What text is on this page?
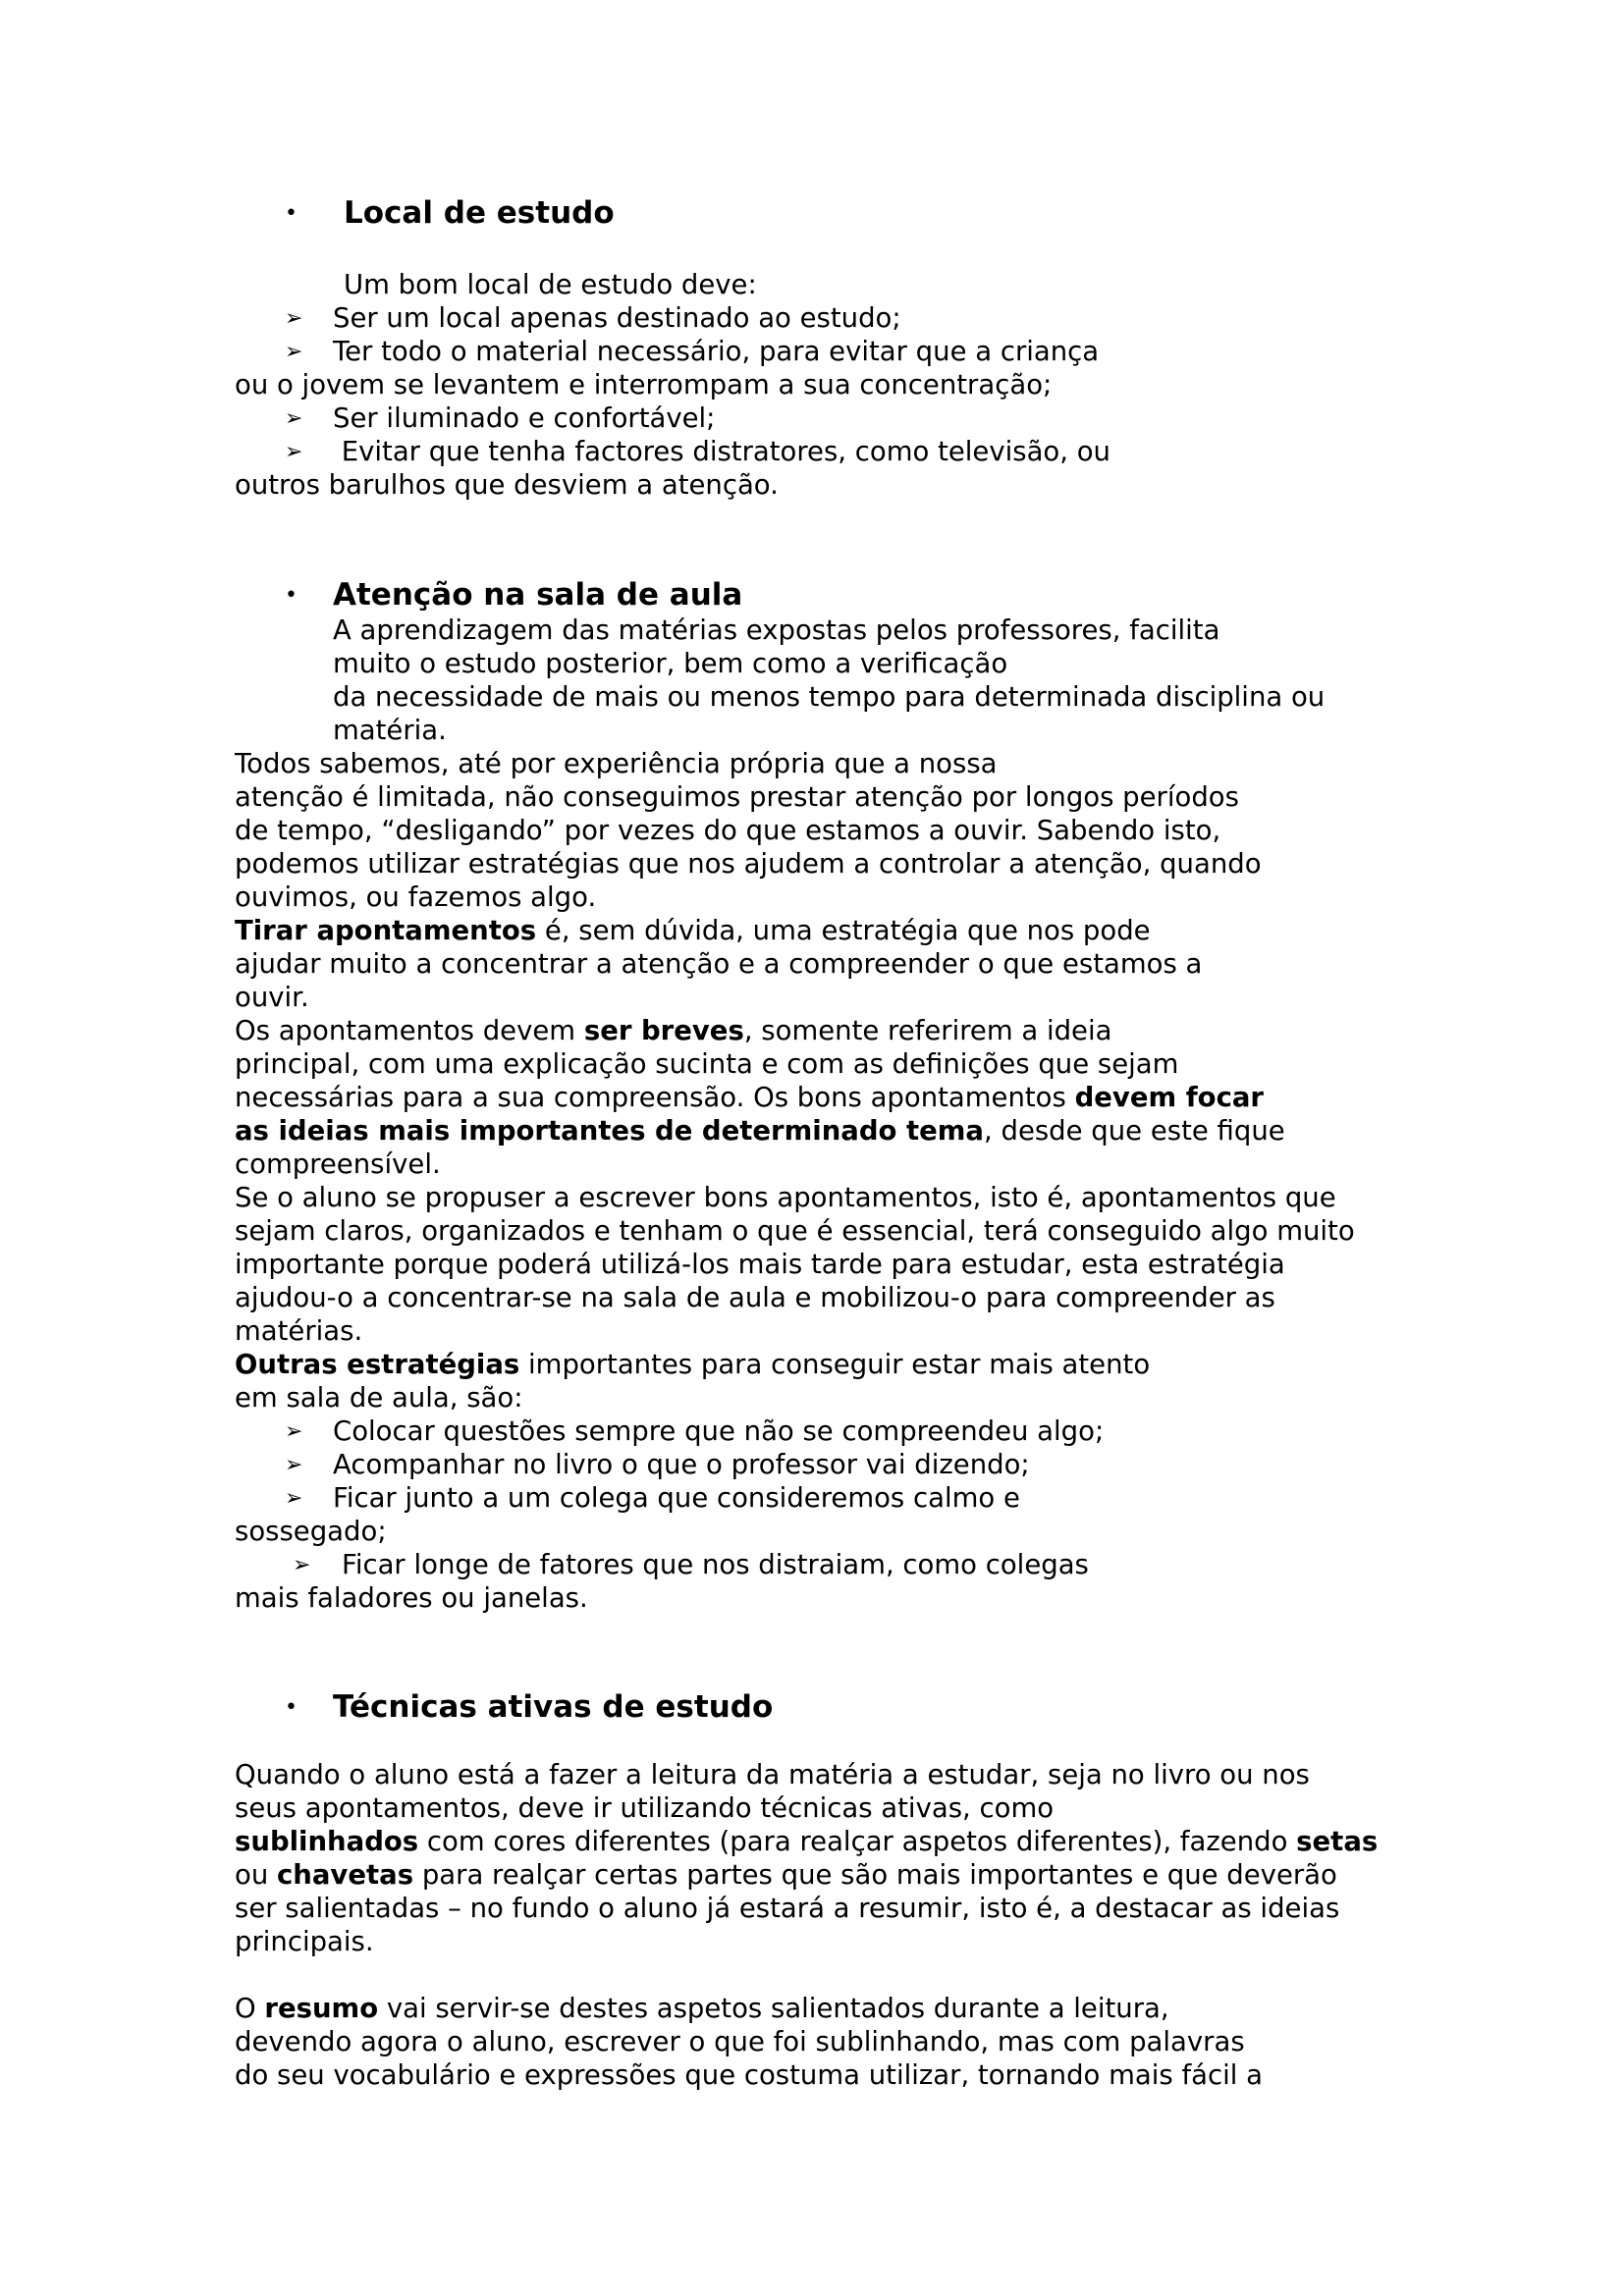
• Local de estudo
Um bom local de estudo deve:
➢ Ser um local apenas destinado ao estudo;
➢ Ter todo o material necessário, para evitar que a criança
ou o jovem se levantem e interrompam a sua concentração;
➢ Ser iluminado e confortável;
➢ Evitar que tenha factores distratores, como televisão, ou
outros barulhos que desviem a atenção.
• Atenção na sala de aula
A aprendizagem das matérias expostas pelos professores, facilita
muito o estudo posterior, bem como a verificação
da necessidade de mais ou menos tempo para determinada disciplina ou
matéria.
Todos sabemos, até por experiência própria que a nossa
atenção é limitada, não conseguimos prestar atenção por longos períodos
de tempo, “desligando” por vezes do que estamos a ouvir. Sabendo isto,
podemos utilizar estratégias que nos ajudem a controlar a atenção, quando
ouvimos, ou fazemos algo.
Tirar apontamentos é, sem dúvida, uma estratégia que nos pode
ajudar muito a concentrar a atenção e a compreender o que estamos a
ouvir.
Os apontamentos devem ser breves, somente referirem a ideia
principal, com uma explicação sucinta e com as definições que sejam
necessárias para a sua compreensão. Os bons apontamentos devem focar
as ideias mais importantes de determinado tema, desde que este fique
compreensível.
Se o aluno se propuser a escrever bons apontamentos, isto é, apontamentos que
sejam claros, organizados e tenham o que é essencial, terá conseguido algo muito
importante porque poderá utilizá-los mais tarde para estudar, esta estratégia
ajudou-o a concentrar-se na sala de aula e mobilizou-o para compreender as
matérias.
Outras estratégias importantes para conseguir estar mais atento
em sala de aula, são:
➢ Colocar questões sempre que não se compreendeu algo;
➢ Acompanhar no livro o que o professor vai dizendo;
➢ Ficar junto a um colega que consideremos calmo e
sossegado;
➢ Ficar longe de fatores que nos distraiam, como colegas
mais faladores ou janelas.
• Técnicas ativas de estudo
Quando o aluno está a fazer a leitura da matéria a estudar, seja no livro ou nos
seus apontamentos, deve ir utilizando técnicas ativas, como
sublinhados com cores diferentes (para realçar aspetos diferentes), fazendo setas
ou chavetas para realçar certas partes que são mais importantes e que deverão
ser salientadas – no fundo o aluno já estará a resumir, isto é, a destacar as ideias
principais.
O resumo vai servir-se destes aspetos salientados durante a leitura,
devendo agora o aluno, escrever o que foi sublinhando, mas com palavras
do seu vocabulário e expressões que costuma utilizar, tornando mais fácil a
